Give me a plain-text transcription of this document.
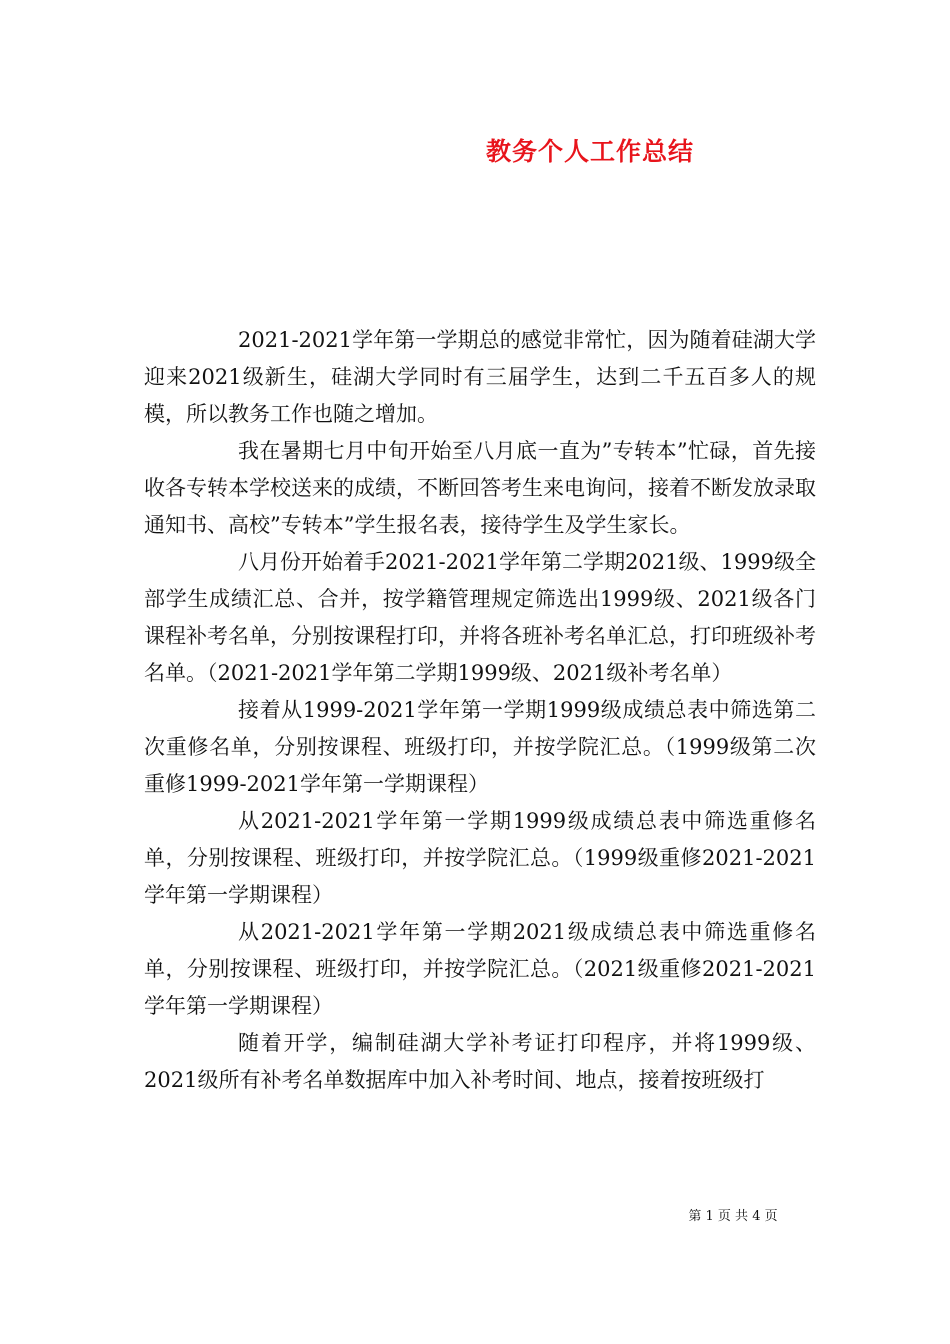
教务个人工作总结

2021-2021学年第一学期总的感觉非常忙，因为随着硅湖大学迎来2021级新生，硅湖大学同时有三届学生，达到二千五百多人的规模，所以教务工作也随之增加。

我在暑期七月中旬开始至八月底一直为”专转本”忙碌，首先接收各专转本学校送来的成绩，不断回答考生来电询问，接着不断发放录取通知书、高校”专转本”学生报名表，接待学生及学生家长。

八月份开始着手2021-2021学年第二学期2021级、1999级全部学生成绩汇总、合并，按学籍管理规定筛选出1999级、2021级各门课程补考名单，分别按课程打印，并将各班补考名单汇总，打印班级补考名单。（2021-2021学年第二学期1999级、2021级补考名单）

接着从1999-2021学年第一学期1999级成绩总表中筛选第二次重修名单，分别按课程、班级打印，并按学院汇总。（1999级第二次重修1999-2021学年第一学期课程）

从2021-2021学年第一学期1999级成绩总表中筛选重修名单，分别按课程、班级打印，并按学院汇总。（1999级重修2021-2021学年第一学期课程）

从2021-2021学年第一学期2021级成绩总表中筛选重修名单，分别按课程、班级打印，并按学院汇总。（2021级重修2021-2021学年第一学期课程）

随着开学，编制硅湖大学补考证打印程序，并将1999级、2021级所有补考名单数据库中加入补考时间、地点，接着按班级打

第 1 页 共 4 页
